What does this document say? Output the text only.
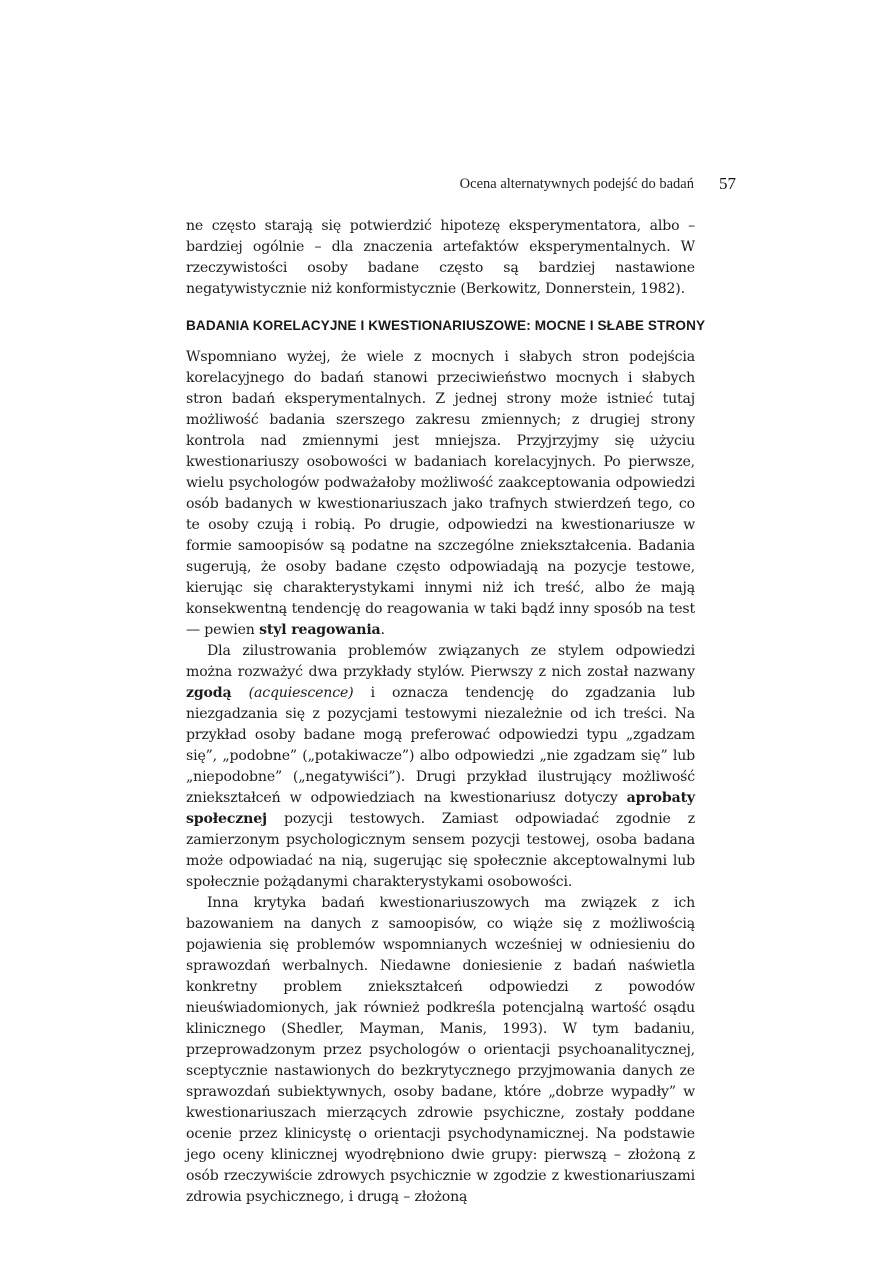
Ocena alternatywnych podejść do badań 57

ne często starają się potwierdzić hipotezę eksperymentatora, albo – bardziej ogólnie – dla znaczenia artefaktów eksperymentalnych. W rzeczywistości osoby badane często są bardziej nastawione negatywistycznie niż konformistycznie (Berkowitz, Donnerstein, 1982).

BADANIA KORELACYJNE I KWESTIONARIUSZOWE: MOCNE I SŁABE STRONY

Wspomniano wyżej, że wiele z mocnych i słabych stron podejścia korelacyjnego do badań stanowi przeciwieństwo mocnych i słabych stron badań eksperymentalnych. Z jednej strony może istnieć tutaj możliwość badania szerszego zakresu zmiennych; z drugiej strony kontrola nad zmiennymi jest mniejsza. Przyjrzyjmy się użyciu kwestionariuszy osobowości w badaniach korelacyjnych. Po pierwsze, wielu psychologów podważałoby możliwość zaakceptowania odpowiedzi osób badanych w kwestionariuszach jako trafnych stwierdzeń tego, co te osoby czują i robią. Po drugie, odpowiedzi na kwestionariusze w formie samoopisów są podatne na szczególne zniekształcenia. Badania sugerują, że osoby badane często odpowiadają na pozycje testowe, kierując się charakterystykami innymi niż ich treść, albo że mają konsekwentną tendencję do reagowania w taki bądź inny sposób na test — pewien styl reagowania.

Dla zilustrowania problemów związanych ze stylem odpowiedzi można rozważyć dwa przykłady stylów. Pierwszy z nich został nazwany zgodą (acquiescence) i oznacza tendencję do zgadzania lub niezgadzania się z pozycjami testowymi niezależnie od ich treści. Na przykład osoby badane mogą preferować odpowiedzi typu „zgadzam się”, „podobne” („potakiwacze”) albo odpowiedzi „nie zgadzam się” lub „niepodobne” („negatywiści”). Drugi przykład ilustrujący możliwość zniekształceń w odpowiedziach na kwestionariusz dotyczy aprobaty społecznej pozycji testowych. Zamiast odpowiadać zgodnie z zamierzonym psychologicznym sensem pozycji testowej, osoba badana może odpowiadać na nią, sugerując się społecznie akceptowalnymi lub społecznie pożądanymi charakterystykami osobowości.

Inna krytyka badań kwestionariuszowych ma związek z ich bazowaniem na danych z samoopisów, co wiąże się z możliwością pojawienia się problemów wspomnianych wcześniej w odniesieniu do sprawozdań werbalnych. Niedawne doniesienie z badań naświetla konkretny problem zniekształceń odpowiedzi z powodów nieuświadomionych, jak również podkreśla potencjalną wartość osądu klinicznego (Shedler, Mayman, Manis, 1993). W tym badaniu, przeprowadzonym przez psychologów o orientacji psychoanalitycznej, sceptycznie nastawionych do bezkrytycznego przyjmowania danych ze sprawozdań subiektywnych, osoby badane, które „dobrze wypadły” w kwestionariuszach mierzących zdrowie psychiczne, zostały poddane ocenie przez klinicystę o orientacji psychodynamicznej. Na podstawie jego oceny klinicznej wyodrębniono dwie grupy: pierwszą – złożoną z osób rzeczywiście zdrowych psychicznie w zgodzie z kwestionariuszami zdrowia psychicznego, i drugą – złożoną
